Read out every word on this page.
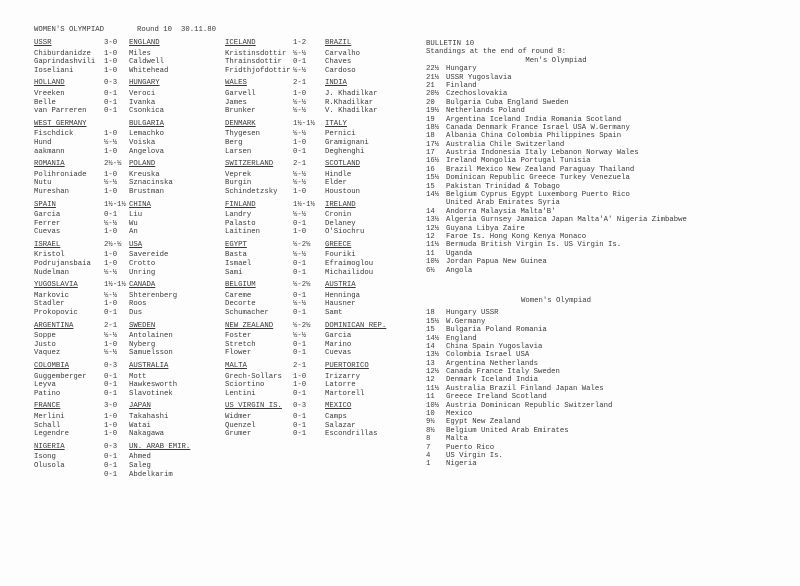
WOMEN'S OLYMPIAD

	Round 10

30.11.80

USSR	3-0 ENGLAND
Chiburdanidze 1-0 Miles
Gaprindashvili 1-0 Caldwell
Ioseliani	1-0 Whitehead
HOLLAND	0-3 HUNGARY
Vreeken	0-1 Veroci
Belle	0-1 Ivanka
van Parreren 0-1 Csonkica
WEST GERMANY	BULGARIA
Fischdick	1-0 Lemachko
Hund	½-½ Voiska
aakmann	1-0 Angelova
ROMANIA	2½-½ POLAND
Polihroniade 1-0 Kreuska
Nutu	½-½ Sznacinska
Mureshan	1-0 Brustman
SPAIN	1½-1½ CHINA
Garcia	0-1 Liu
Ferrer	½-½ Wu
Cuevas	1-0 An
ISRAEL	2½-½ USA
Kristol	1-0 Savereide
Podrujansbaia 1-0 Crotto
Nudelman	½-½ Unring
YUGOSLAVIA	1½-1½ CANADA
Markovic	½-½ Shterenberg
Stadler	1-0 Roos
Prokopovic	0-1 Dus
ARGENTINA	2-1 SWEDEN
Soppe	½-½ Antolainen
Justo	1-0 Nyberg
Vaquez	½-½ Samuelsson
COLOMBIA	0-3 AUSTRALIA
Guggemberger 0-1 Mott
Leyva	0-1 Hawkesworth
Patino	0-1 Slavotinek
FRANCE	3-0 JAPAN
Merlini	1-0 Takahashi
Schall	1-0 Watai
Legendre	1-0 Nakagawa
NIGERIA	0-3 UN. ARAB EMIR.
Isong	0-1 Ahmed
Olusola	0-1 Saleg
0-1 Abdelkarim
ICELAND	1-2	BRAZIL
Kristinsdottir ½-½	Carvalho
Thrainsdottir 0-1	Chaves
Fridthjofdottir ½-½	Cardoso
WALES	2-1	INDIA
Garvell	1-0	J. Khadilkar
James	½-½	R.Khadilkar
Brunker	½-½	V. Khadilkar
DENMARK	1½-1½ ITALY
Thygesen	½-½	Pernici
Berg	1-0	Gramignani
Larsen	0-1	Deghenghi
SWITZERLAND	2-1	SCOTLAND
Veprek	½-½	Hindle
Burgin	½-½	Elder
Schindetzsky 1-0	Houstoun
FINLAND	1½-1½ IRELAND
Landry	½-½	Cronin
Palasto	0-1	Delaney
Laitinen	1-0	O'Siochru
EGYPT	½-2½ GREECE
Basta	½-½	Fouriki
Ismael	0-1	Efraimoglou
Sami	0-1	Michailidou
BELGIUM	½-2½ AUSTRIA
Careme	0-1	Henninga
Decorte	½-½	Hausner
Schumacher	0-1	Samt
NEW ZEALAND	½-2½ DOMINICAN REP.
Foster	½-½	Garcia
Stretch	0-1	Marino
Flower	0-1	Cuevas
MALTA	2-1	PUERTORICO
Grech-Sollars 1-0	Irizarry
Sciortino	1-0	Latorre
Lentini	0-1	Martorell
US VIRGIN IS. 0-3	MEXICO
Widmer	0-1	Camps
Quenzel	0-1	Salazar
Grumer	0-1	Escondrillas
BULLETIN 10
Standings at the end of round 8:
Men's Olympiad
22½ Hungary
21½ USSR Yugoslavia
21 Finland
20½ Czechoslovakia
20 Bulgaria Cuba England Sweden
19½ Netherlands Poland
19 Argentina Iceland India Romania Scotland
18½ Canada Denmark France Israel USA W.Germany
18 Albania China Colombia Philippines Spain
17½ Australia Chile Switzerland
17 Austria Indonesia Italy Lebanon Norway Wales
16½ Ireland Mongolia Portugal Tunisia
16 Brazil Mexico New Zealand Paraguay Thailand
15½ Dominican Republic Greece Turkey Venezuela
15 Pakistan Trinidad & Tobago
14½ Belgium Cyprus Egypt Luxemborg Puerto Rico
United Arab Emirates Syria
14 Andorra Malaysia Malta'B'
13½ Algeria Gurnsey Jamaica Japan Malta'A' Nigeria Zimbabwe
12½ Guyana Libya Zaire
12 Faroe Is. Hong Kong Kenya Monaco
11½ Bermuda British Virgin Is. US Virgin Is.
11 Uganda
10½ Jordan Papua New Guinea
6½ Angola
Women's Olympiad
18 Hungary USSR
15½ W.Germany
15 Bulgaria Poland Romania
14½ England
14 China Spain Yugoslavia
13½ Colombia Israel USA
13 Argentina Netherlands
12½ Canada France Italy Sweden
12 Denmark Iceland India
11½ Australia Brazil Finland Japan Wales
11 Greece Ireland Scotland
10½ Austria Dominican Republic Switzerland
10 Mexico
9½ Egypt New Zealand
8½ Belgium United Arab Emirates
8 Malta
7 Puerto Rico
4 US Virgin Is.
1 Nigeria
